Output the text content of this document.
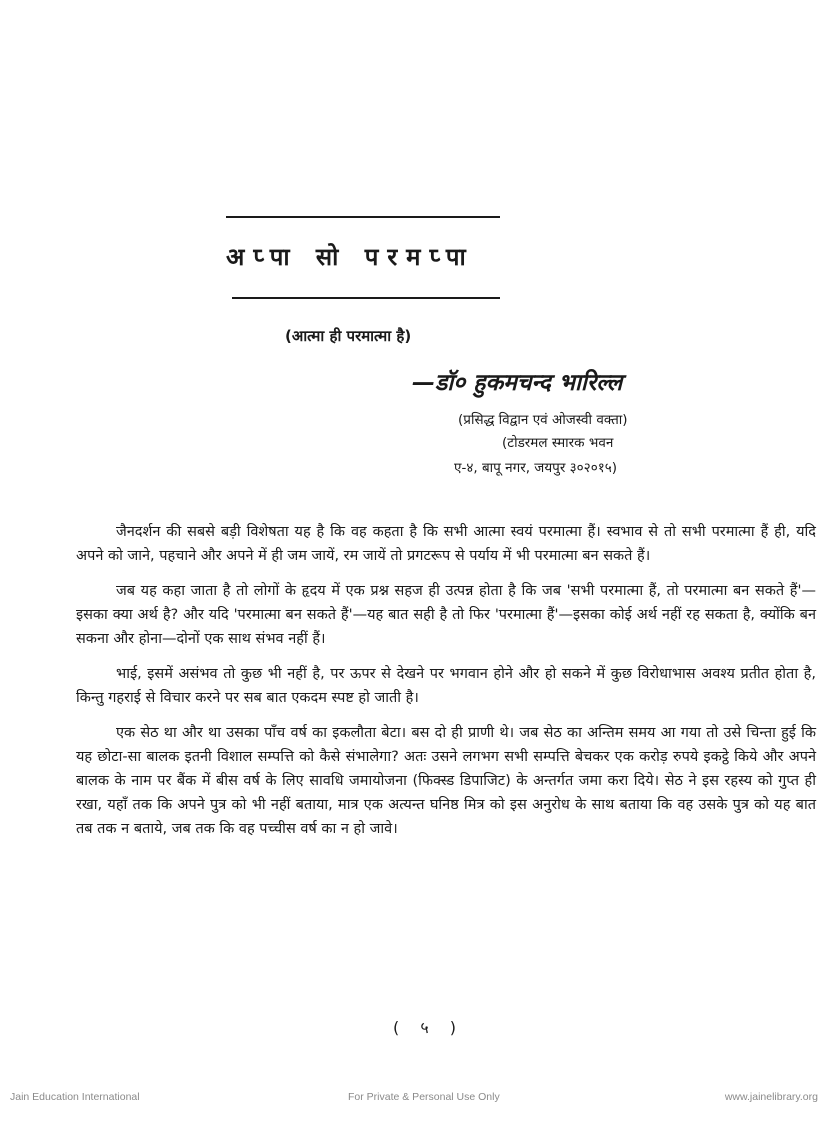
अप्पा सो परमप्पा
(आत्मा ही परमात्मा है)
—डॉ० हुकमचन्द भारिल्ल
(प्रसिद्ध विद्वान एवं ओजस्वी वक्ता)
(टोडरमल स्मारक भवन
ए-४, बापू नगर, जयपुर ३०२०१५)

जैनदर्शन की सबसे बड़ी विशेषता यह है कि वह कहता है कि सभी आत्मा स्वयं परमात्मा हैं। स्वभाव से तो सभी परमात्मा हैं ही, यदि अपने को जाने, पहचाने और अपने में ही जम जायें, रम जायें तो प्रगटरूप से पर्याय में भी परमात्मा बन सकते हैं।

जब यह कहा जाता है तो लोगों के हृदय में एक प्रश्न सहज ही उत्पन्न होता है कि जब 'सभी परमात्मा हैं, तो परमात्मा बन सकते हैं'—इसका क्या अर्थ है? और यदि 'परमात्मा बन सकते हैं'—यह बात सही है तो फिर 'परमात्मा हैं'—इसका कोई अर्थ नहीं रह सकता है, क्योंकि बन सकना और होना—दोनों एक साथ संभव नहीं हैं।

भाई, इसमें असंभव तो कुछ भी नहीं है, पर ऊपर से देखने पर भगवान होने और हो सकने में कुछ विरोधाभास अवश्य प्रतीत होता है, किन्तु गहराई से विचार करने पर सब बात एकदम स्पष्ट हो जाती है।

एक सेठ था और था उसका पाँच वर्ष का इकलौता बेटा। बस दो ही प्राणी थे। जब सेठ का अन्तिम समय आ गया तो उसे चिन्ता हुई कि यह छोटा-सा बालक इतनी विशाल सम्पत्ति को कैसे संभालेगा? अतः उसने लगभग सभी सम्पत्ति बेचकर एक करोड़ रुपये इकट्ठे किये और अपने बालक के नाम पर बैंक में बीस वर्ष के लिए सावधि जमायोजना (फिक्स्ड डिपाजिट) के अन्तर्गत जमा करा दिये। सेठ ने इस रहस्य को गुप्त ही रखा, यहाँ तक कि अपने पुत्र को भी नहीं बताया, मात्र एक अत्यन्त घनिष्ठ मित्र को इस अनुरोध के साथ बताया कि वह उसके पुत्र को यह बात तब तक न बताये, जब तक कि वह पच्चीस वर्ष का न हो जावे।

( ५ )
Jain Education International	For Private & Personal Use Only	www.jainelibrary.org
